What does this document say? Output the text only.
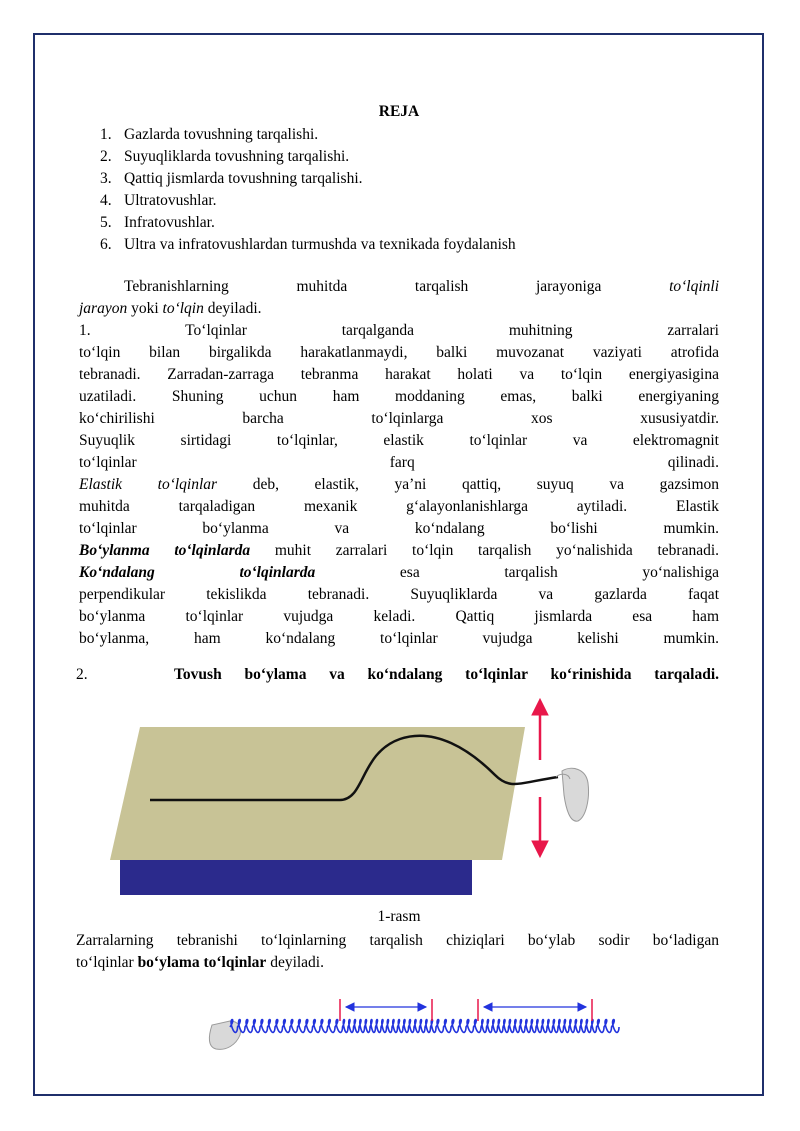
REJA
1. Gazlarda tovushning tarqalishi.
2. Suyuqliklarda tovushning tarqalishi.
3. Qattiq jismlarda tovushning tarqalishi.
4. Ultratovushlar.
5. Infratovushlar.
6. Ultra va infratovushlardan turmushda va texnikada foydalanish
Tebranishlarning muhitda tarqalish jarayoniga	to‘lqinli
jarayon yoki to‘lqin deyiladi.
1. To‘lqinlar tarqalganda muhitning zarralari
to‘lqin bilan birgalikda harakatlanmaydi, balki muvozanat vaziyati atrofida
tebranadi. Zarradan-zarraga tebranma harakat holati va to‘lqin energiyasigina
uzatiladi. Shuning uchun ham moddaning emas, balki energiyaning
ko‘chirilishi barcha to‘lqinlarga xos xususiyatdir.
Suyuqlik sirtidagi to‘lqinlar, elastik to‘lqinlar va elektromagnit
to‘lqinlar farq qilinadi.
Elastik to‘lqinlar deb, elastik, ya’ni qattiq, suyuq va gazsimon
muhitda tarqaladigan mexanik g‘alayonlanishlarga aytiladi. Elastik
to‘lqinlar bo‘ylanma va ko‘ndalang bo‘lishi mumkin.
Bo‘ylanma to‘lqinlarda muhit zarralari to‘lqin tarqalish yo‘nalishida tebranadi.
Ko‘ndalang to‘lqinlarda	esa tarqalish yo‘nalishiga
perpendikular tekislikda tebranadi. Suyuqliklarda va gazlarda faqat
bo‘ylanma to‘lqinlar vujudga keladi. Qattiq jismlarda esa ham
bo‘ylanma, ham ko‘ndalang to‘lqinlar vujudga kelishi mumkin.
2.	Tovush bo‘ylama va ko‘ndalang to‘lqinlar ko‘rinishida tarqaladi.
1-rasm
Zarralarning tebranishi to‘lqinlarning tarqalish chiziqlari bo‘ylab sodir bo‘ladigan
to‘lqinlar bo‘ylama to‘lqinlar deyiladi.
